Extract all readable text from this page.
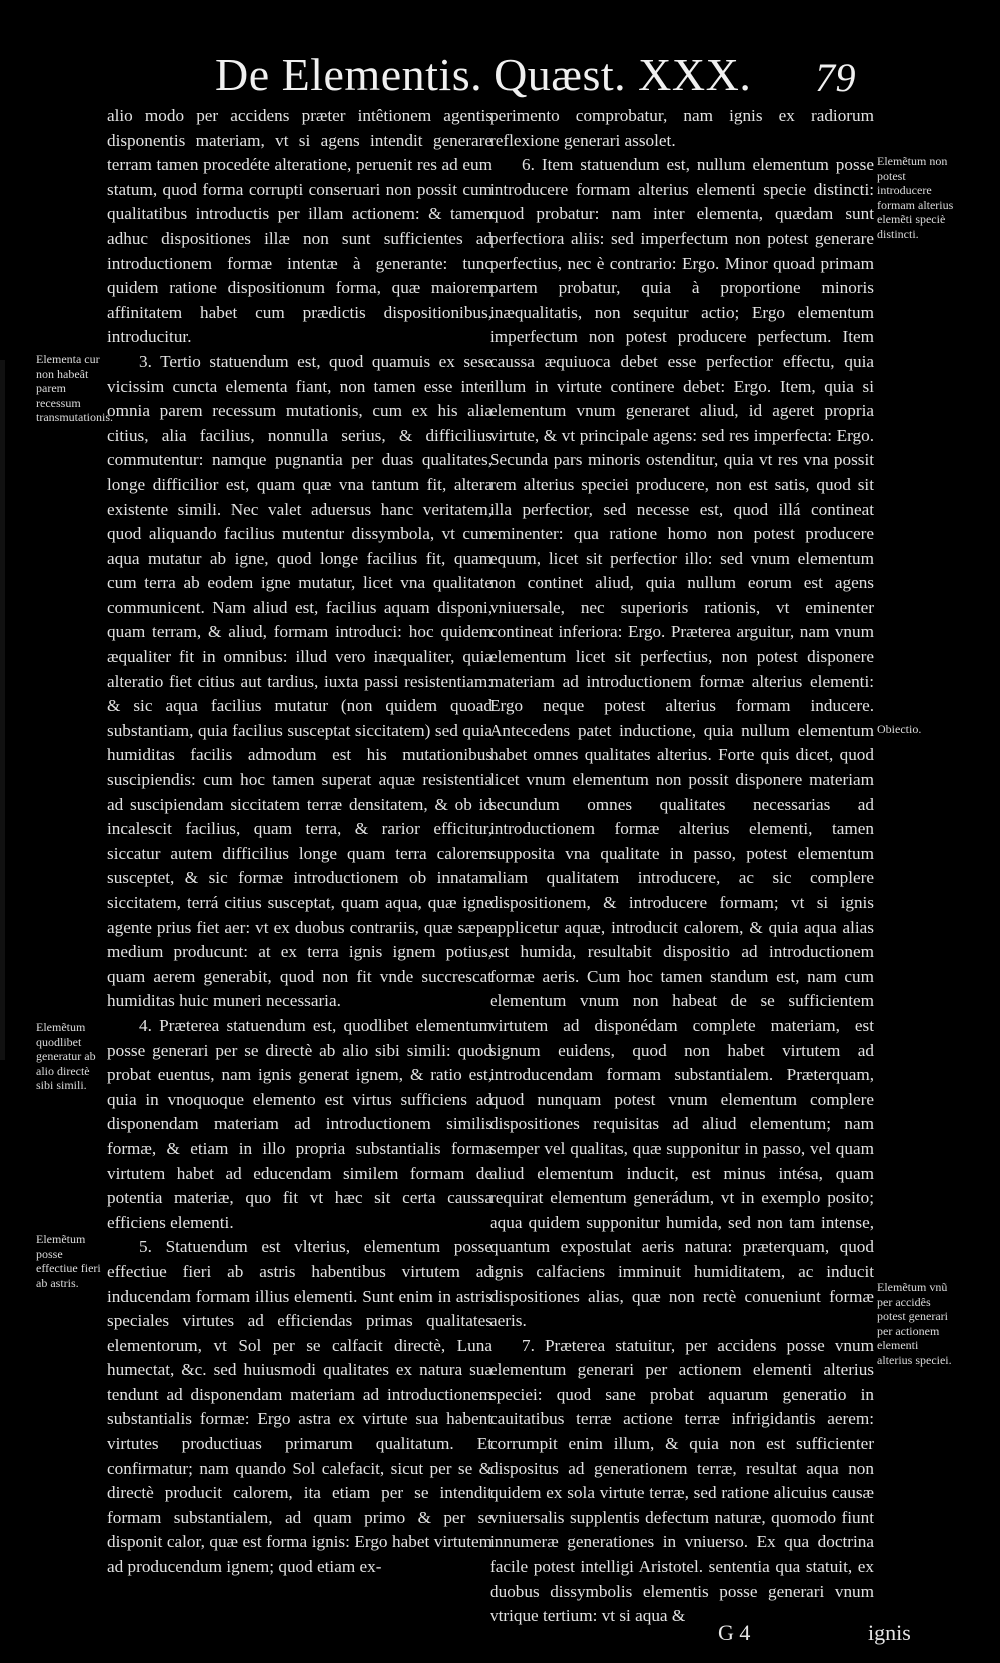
De Elementis. Quæst. XXX. 79

alio modo per accidens præter intêtionem agentis disponentis materiam, vt si agens intendit generare terram tamen procedéte alteratione, peruenit res ad eum statum, quod forma corrupti conseruari non possit cum qualitatibus introductis per illam actionem: & tamen adhuc dispositiones illæ non sunt sufficientes ad introductionem formæ intentæ à generante: tunc quidem ratione dispositionum forma, quæ maiorem affinitatem habet cum prædictis dispositionibus, introducitur.

3. Tertio statuendum est, quod quamuis ex sese vicissim cuncta elementa fiant, non tamen esse inter omnia parem recessum mutationis, cum ex his alia citius, alia facilius, nonnulla serius, & difficilius commutentur: namque pugnantia per duas qualitates, longe difficilior est, quam quæ vna tantum fit, altera existente simili. Nec valet aduersus hanc veritatem, quod aliquando facilius mutentur dissymbola, vt cum aqua mutatur ab igne, quod longe facilius fit, quam cum terra ab eodem igne mutatur, licet vna qualitate communicent. Nam aliud est, facilius aquam disponi, quam terram, & aliud, formam introduci: hoc quidem æqualiter fit in omnibus: illud vero inæqualiter, quia alteratio fiet citius aut tardius, iuxta passi resistentiam: & sic aqua facilius mutatur (non quidem quoad substantiam, quia facilius susceptat siccitatem) sed quia humiditas facilis admodum est his mutationibus suscipiendis: cum hoc tamen superat aquæ resistentia ad suscipiendam siccitatem terræ densitatem, & ob id incalescit facilius, quam terra, & rarior efficitur, siccatur autem difficilius longe quam terra calorem susceptet, & sic formæ introductionem ob innatam siccitatem, terrá citius susceptat, quam aqua, quæ igne agente prius fiet aer: vt ex duobus contrariis, quæ sæpe medium producunt: at ex terra ignis ignem potius, quam aerem generabit, quod non fit vnde succrescat humiditas huic muneri necessaria.

4. Præterea statuendum est, quodlibet elementum posse generari per se directè ab alio sibi simili: quod probat euentus, nam ignis generat ignem, & ratio est, quia in vnoquoque elemento est virtus sufficiens ad disponendam materiam ad introductionem similis formæ, & etiam in illo propria substantialis forma virtutem habet ad educendam similem formam de potentia materiæ, quo fit vt hæc sit certa caussa efficiens elementi.

5. Statuendum est vlterius, elementum posse effectiue fieri ab astris habentibus virtutem ad inducendam formam illius elementi. Sunt enim in astris speciales virtutes ad efficiendas primas qualitates elementorum, vt Sol per se calfacit directè, Luna humectat, &c. sed huiusmodi qualitates ex natura sua tendunt ad disponendam materiam ad introductionem substantialis formæ: Ergo astra ex virtute sua habent virtutes productiuas primarum qualitatum. Et confirmatur; nam quando Sol calefacit, sicut per se & directè producit calorem, ita etiam per se intendit formam substantialem, ad quam primo & per se disponit calor, quæ est forma ignis: Ergo habet virtutem ad producendum ignem; quod etiam ex-

perimento comprobatur, nam ignis ex radiorum reflexione generari assolet.

6. Item statuendum est, nullum elementum posse introducere formam alterius elementi specie distincti: quod probatur: nam inter elementa, quædam sunt perfectiora aliis: sed imperfectum non potest generare perfectius, nec è contrario: Ergo. Minor quoad primam partem probatur, quia à proportione minoris inæqualitatis, non sequitur actio; Ergo elementum imperfectum non potest producere perfectum. Item caussa æquiuoca debet esse perfectior effectu, quia illum in virtute continere debet: Ergo. Item, quia si elementum vnum generaret aliud, id ageret propria virtute, & vt principale agens: sed res imperfecta: Ergo. Secunda pars minoris ostenditur, quia vt res vna possit rem alterius speciei producere, non est satis, quod sit illa perfectior, sed necesse est, quod illá contineat eminenter: qua ratione homo non potest producere equum, licet sit perfectior illo: sed vnum elementum non continet aliud, quia nullum eorum est agens vniuersale, nec superioris rationis, vt eminenter contineat inferiora: Ergo. Præterea arguitur, nam vnum elementum licet sit perfectius, non potest disponere materiam ad introductionem formæ alterius elementi: Ergo neque potest alterius formam inducere. Antecedens patet inductione, quia nullum elementum habet omnes qualitates alterius. Forte quis dicet, quod licet vnum elementum non possit disponere materiam secundum omnes qualitates necessarias ad introductionem formæ alterius elementi, tamen supposita vna qualitate in passo, potest elementum aliam qualitatem introducere, ac sic complere dispositionem, & introducere formam; vt si ignis applicetur aquæ, introducit calorem, & quia aqua alias est humida, resultabit dispositio ad introductionem formæ aeris. Cum hoc tamen standum est, nam cum elementum vnum non habeat de se sufficientem virtutem ad disponédam complete materiam, est signum euidens, quod non habet virtutem ad introducendam formam substantialem. Præterquam, quod nunquam potest vnum elementum complere dispositiones requisitas ad aliud elementum; nam semper vel qualitas, quæ supponitur in passo, vel quam aliud elementum inducit, est minus intésa, quam requirat elementum generádum, vt in exemplo posito; aqua quidem supponitur humida, sed non tam intense, quantum expostulat aeris natura: præterquam, quod ignis calfaciens imminuit humiditatem, ac inducit dispositiones alias, quæ non rectè conueniunt formæ aeris.

7. Præterea statuitur, per accidens posse vnum elementum generari per actionem elementi alterius speciei: quod sane probat aquarum generatio in cauitatibus terræ actione terræ infrigidantis aerem: corrumpit enim illum, & quia non est sufficienter dispositus ad generationem terræ, resultat aqua non quidem ex sola virtute terræ, sed ratione alicuius causæ vniuersalis supplentis defectum naturæ, quomodo fiunt innumeræ generationes in vniuerso. Ex qua doctrina facile potest intelligi Aristotel. sententia qua statuit, ex duobus dissymbolis elementis posse generari vnum vtrique tertium: vt si aqua &

Elementa cur non habeât parem recessum transmutationis.
Elemẽtum quodlibet generatur ab alio directè sibi simili.
Elemẽtum posse effectiue fieri ab astris.
Elemẽtum non potest introducere formam alterius elemẽti speciè distincti.
Obiectio.
Elemẽtum vnũ per accidês potest generari per actionem elementi alterius speciei.
G 4	ignis
